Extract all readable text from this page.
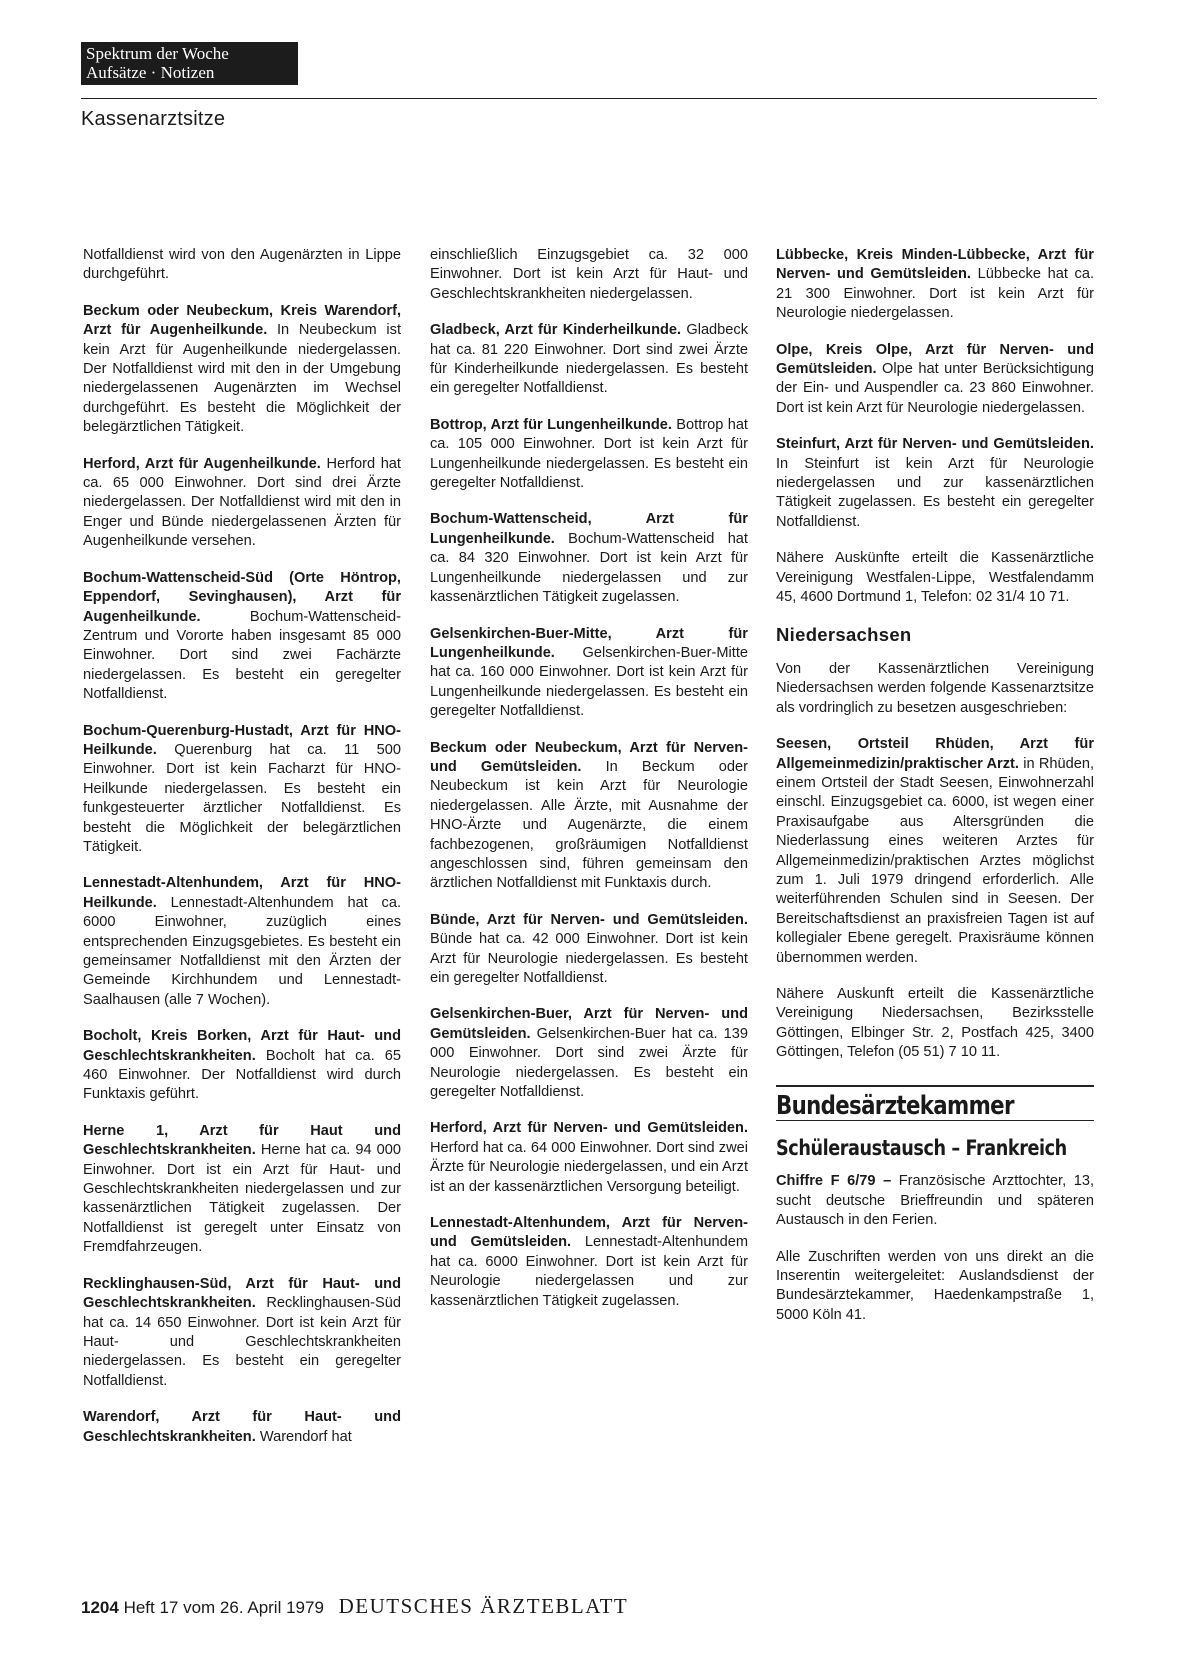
Spektrum der Woche
Aufsätze · Notizen
Kassenarztsitze

Notfalldienst wird von den Augenärzten in Lippe durchgeführt.

Beckum oder Neubeckum, Kreis Warendorf, Arzt für Augenheilkunde. In Neubeckum ist kein Arzt für Augenheilkunde niedergelassen. Der Notfalldienst wird mit den in der Umgebung niedergelassenen Augenärzten im Wechsel durchgeführt. Es besteht die Möglichkeit der belegärztlichen Tätigkeit.

Herford, Arzt für Augenheilkunde. Herford hat ca. 65 000 Einwohner. Dort sind drei Ärzte niedergelassen. Der Notfalldienst wird mit den in Enger und Bünde niedergelassenen Ärzten für Augenheilkunde versehen.

Bochum-Wattenscheid-Süd (Orte Höntrop, Eppendorf, Sevinghausen), Arzt für Augenheilkunde.	Bochum-Wattenscheid-Zentrum und Vororte haben insgesamt 85 000 Einwohner. Dort sind zwei Fachärzte niedergelassen. Es besteht ein geregelter Notfalldienst.

Bochum-Querenburg-Hustadt, Arzt für HNO-Heilkunde. Querenburg hat ca. 11 500 Einwohner. Dort ist kein Facharzt für HNO-Heilkunde niedergelassen. Es besteht ein funkgesteuerter ärztlicher Notfalldienst. Es besteht die Möglichkeit der belegärztlichen Tätigkeit.

Lennestadt-Altenhundem, Arzt für HNO-Heilkunde. Lennestadt-Altenhundem hat ca. 6000 Einwohner, zuzüglich eines entsprechenden Einzugsgebietes. Es besteht ein gemeinsamer Notfalldienst mit den Ärzten der Gemeinde Kirchhundem und Lennestadt-Saalhausen (alle 7 Wochen).

Bocholt, Kreis Borken, Arzt für Haut- und Geschlechtskrankheiten. Bocholt hat ca. 65 460 Einwohner. Der Notfalldienst wird durch Funktaxis geführt.

Herne 1, Arzt für Haut und Geschlechtskrankheiten. Herne hat ca. 94 000 Einwohner. Dort ist ein Arzt für Haut- und Geschlechtskrankheiten niedergelassen und zur kassenärztlichen Tätigkeit zugelassen. Der Notfalldienst ist geregelt unter Einsatz von Fremdfahrzeugen.

Recklinghausen-Süd, Arzt für Haut- und Geschlechtskrankheiten. Recklinghausen-Süd hat ca. 14 650 Einwohner. Dort ist kein Arzt für Haut- und Geschlechtskrankheiten niedergelassen. Es besteht ein geregelter Notfalldienst.

Warendorf, Arzt für Haut- und Geschlechtskrankheiten. Warendorf hat

einschließlich Einzugsgebiet ca. 32 000 Einwohner. Dort ist kein Arzt für Haut- und Geschlechtskrankheiten niedergelassen.

Gladbeck, Arzt für Kinderheilkunde. Gladbeck hat ca. 81 220 Einwohner. Dort sind zwei Ärzte für Kinderheilkunde niedergelassen. Es besteht ein geregelter Notfalldienst.

Bottrop, Arzt für Lungenheilkunde. Bottrop hat ca. 105 000 Einwohner. Dort ist kein Arzt für Lungenheilkunde niedergelassen. Es besteht ein geregelter Notfalldienst.

Bochum-Wattenscheid, Arzt für Lungenheilkunde. Bochum-Wattenscheid hat ca. 84 320 Einwohner. Dort ist kein Arzt für Lungenheilkunde niedergelassen und zur kassenärztlichen Tätigkeit zugelassen.

Gelsenkirchen-Buer-Mitte, Arzt für Lungenheilkunde. Gelsenkirchen-Buer-Mitte hat ca. 160 000 Einwohner. Dort ist kein Arzt für Lungenheilkunde niedergelassen. Es besteht ein geregelter Notfalldienst.

Beckum oder Neubeckum, Arzt für Nerven- und Gemütsleiden. In Beckum oder Neubeckum ist kein Arzt für Neurologie niedergelassen. Alle Ärzte, mit Ausnahme der HNO-Ärzte und Augenärzte, die einem fachbezogenen, großräumigen Notfalldienst angeschlossen sind, führen gemeinsam den ärztlichen Notfalldienst mit Funktaxis durch.

Bünde, Arzt für Nerven- und Gemütsleiden. Bünde hat ca. 42 000 Einwohner. Dort ist kein Arzt für Neurologie niedergelassen. Es besteht ein geregelter Notfalldienst.

Gelsenkirchen-Buer, Arzt für Nerven- und Gemütsleiden. Gelsenkirchen-Buer hat ca. 139 000 Einwohner. Dort sind zwei Ärzte für Neurologie niedergelassen. Es besteht ein geregelter Notfalldienst.

Herford, Arzt für Nerven- und Gemütsleiden. Herford hat ca. 64 000 Einwohner. Dort sind zwei Ärzte für Neurologie niedergelassen, und ein Arzt ist an der kassenärztlichen Versorgung beteiligt.

Lennestadt-Altenhundem, Arzt für Nerven- und Gemütsleiden. Lennestadt-Altenhundem hat ca. 6000 Einwohner. Dort ist kein Arzt für Neurologie niedergelassen und zur kassenärztlichen Tätigkeit zugelassen.

Lübbecke, Kreis Minden-Lübbecke, Arzt für Nerven- und Gemütsleiden. Lübbecke hat ca. 21 300 Einwohner. Dort ist kein Arzt für Neurologie niedergelassen.

Olpe, Kreis Olpe, Arzt für Nerven- und Gemütsleiden. Olpe hat unter Berücksichtigung der Ein- und Auspendler ca. 23 860 Einwohner. Dort ist kein Arzt für Neurologie niedergelassen.

Steinfurt, Arzt für Nerven- und Gemütsleiden. In Steinfurt ist kein Arzt für Neurologie niedergelassen und zur kassenärztlichen Tätigkeit zugelassen. Es besteht ein geregelter Notfalldienst.

Nähere Auskünfte erteilt die Kassenärztliche Vereinigung Westfalen-Lippe, Westfalendamm 45, 4600 Dortmund 1, Telefon: 02 31/4 10 71.

Niedersachsen

Von der Kassenärztlichen Vereinigung Niedersachsen werden folgende Kassenarztsitze als vordringlich zu besetzen ausgeschrieben:

Seesen, Ortsteil Rhüden, Arzt für Allgemeinmedizin/praktischer Arzt. in Rhüden, einem Ortsteil der Stadt Seesen, Einwohnerzahl einschl. Einzugsgebiet ca. 6000, ist wegen einer Praxisaufgabe aus Altersgründen die Niederlassung eines weiteren Arztes für Allgemeinmedizin/praktischen Arztes möglichst zum 1. Juli 1979 dringend erforderlich. Alle weiterführenden Schulen sind in Seesen. Der Bereitschaftsdienst an praxisfreien Tagen ist auf kollegialer Ebene geregelt. Praxisräume können übernommen werden.

Nähere Auskunft erteilt die Kassenärztliche Vereinigung Niedersachsen, Bezirksstelle Göttingen, Elbinger Str. 2, Postfach 425, 3400 Göttingen, Telefon (05 51) 7 10 11.

Bundesärztekammer
Schüleraustausch – Frankreich

Chiffre F 6/79 – Französische Arzttochter, 13, sucht deutsche Brieffreundin und späteren Austausch in den Ferien.

Alle Zuschriften werden von uns direkt an die Inserentin weitergeleitet: Auslandsdienst der Bundesärztekammer, Haedenkampstraße 1, 5000 Köln 41.

1204 Heft 17 vom 26. April 1979 DEUTSCHES ÄRZTEBLATT
